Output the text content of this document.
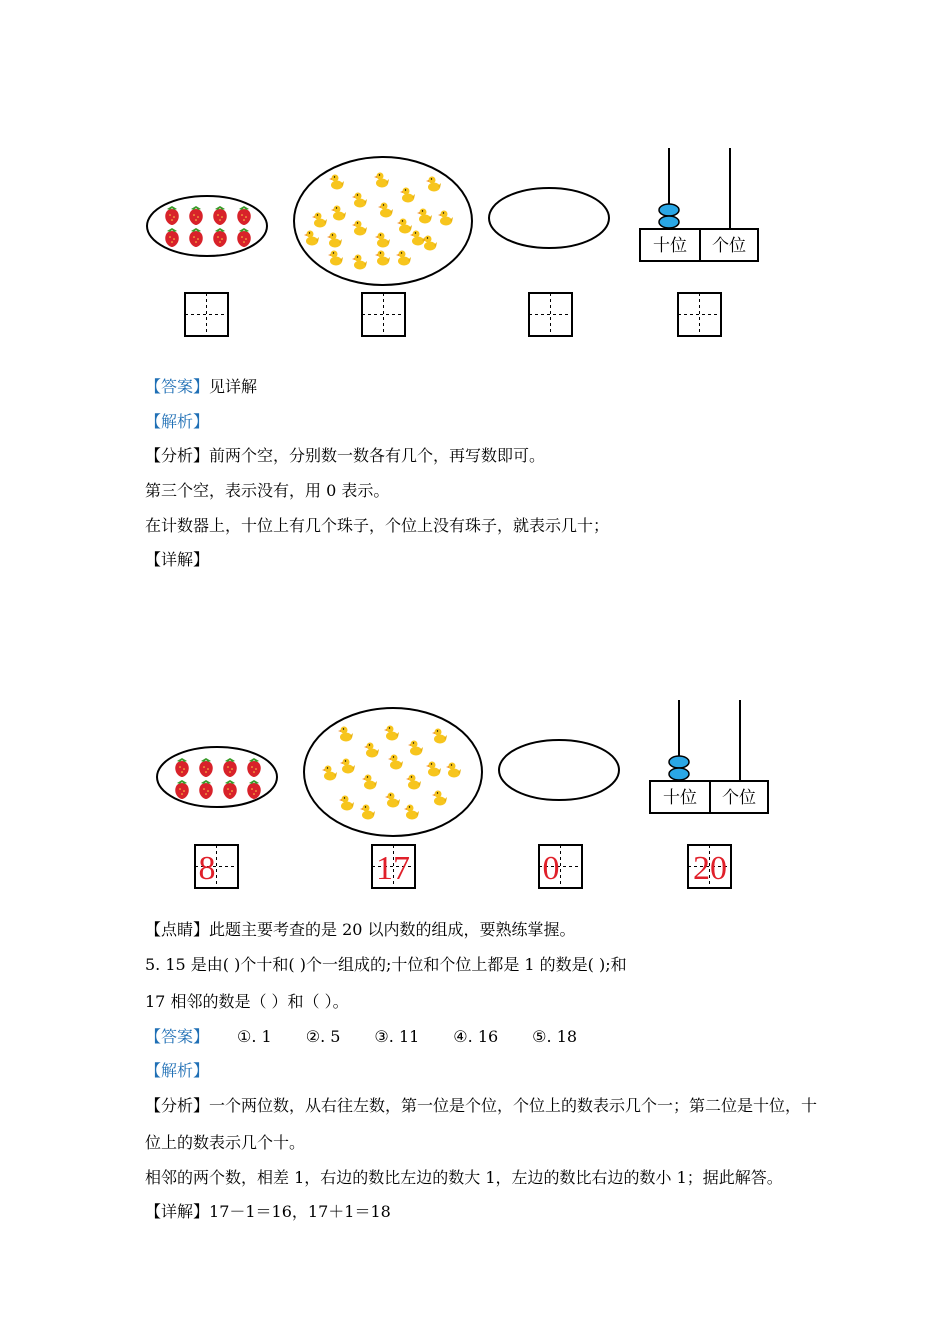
十位 个位
十位 个位
8	17	0	20
【答案】见详解
【解析】
【分析】前两个空，分别数一数各有几个，再写数即可。
第三个空，表示没有，用 0 表示。
在计数器上，十位上有几个珠子，个位上没有珠子，就表示几十；
【详解】
【点睛】此题主要考查的是 20 以内数的组成，要熟练掌握。
5. 15 是由( )个十和( )个一组成的;十位和个位上都是 1 的数是( );和
17 相邻的数是（ ）和（ ）。
【答案】 ①. 1 ②. 5 ③. 11 ④. 16 ⑤. 18
【解析】
【分析】一个两位数，从右往左数，第一位是个位，个位上的数表示几个一；第二位是十位，十
位上的数表示几个十。
相邻的两个数，相差 1，右边的数比左边的数大 1，左边的数比右边的数小 1；据此解答。
【详解】17－1＝16，17＋1＝18
